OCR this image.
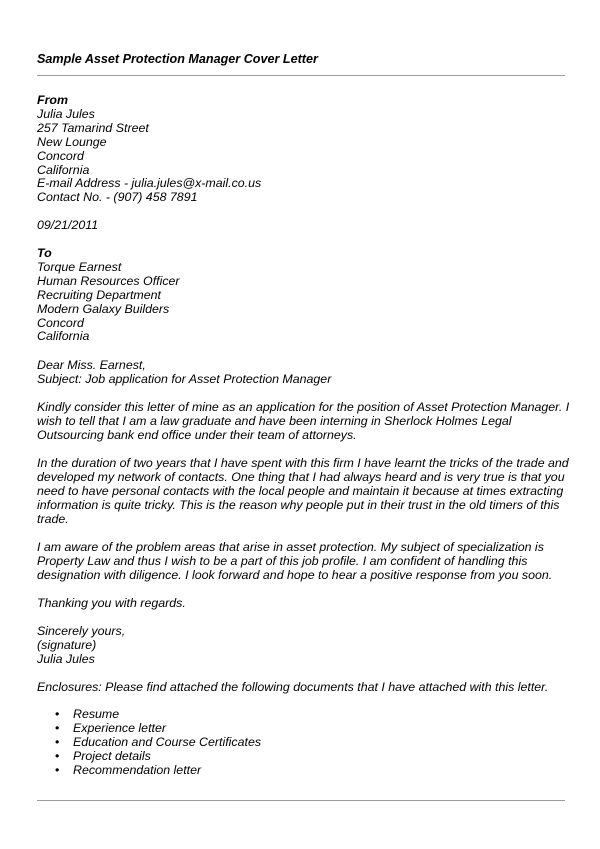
Sample Asset Protection Manager Cover Letter
From
Julia Jules
257 Tamarind Street
New Lounge
Concord
California
E-mail Address - julia.jules@x-mail.co.us
Contact No. - (907) 458 7891
09/21/2011
To
Torque Earnest
Human Resources Officer
Recruiting Department
Modern Galaxy Builders
Concord
California
Dear Miss. Earnest,
Subject: Job application for Asset Protection Manager
Kindly consider this letter of mine as an application for the position of Asset Protection Manager. I
wish to tell that I am a law graduate and have been interning in Sherlock Holmes Legal
Outsourcing bank end office under their team of attorneys.
In the duration of two years that I have spent with this firm I have learnt the tricks of the trade and
developed my network of contacts. One thing that I had always heard and is very true is that you
need to have personal contacts with the local people and maintain it because at times extracting
information is quite tricky. This is the reason why people put in their trust in the old timers of this
trade.
I am aware of the problem areas that arise in asset protection. My subject of specialization is
Property Law and thus I wish to be a part of this job profile. I am confident of handling this
designation with diligence. I look forward and hope to hear a positive response from you soon.
Thanking you with regards.
Sincerely yours,
(signature)
Julia Jules
Enclosures: Please find attached the following documents that I have attached with this letter.
• Resume
• Experience letter
• Education and Course Certificates
• Project details
• Recommendation letter
